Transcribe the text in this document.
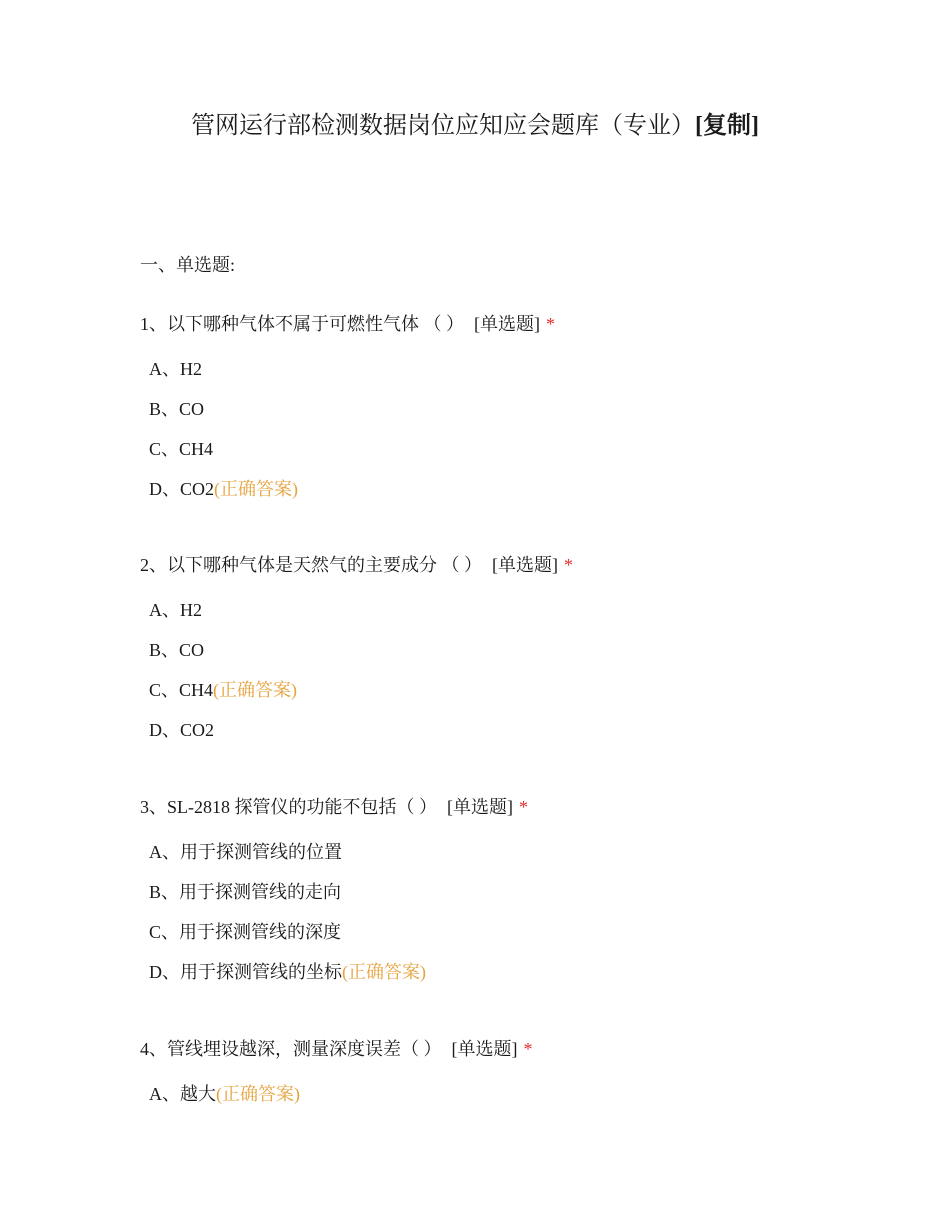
管网运行部检测数据岗位应知应会题库（专业）[复制]
一、单选题:
1、以下哪种气体不属于可燃性气体 （ ） [单选题] *
A、H2
B、CO
C、CH4
D、CO2(正确答案)
2、以下哪种气体是天然气的主要成分 （ ） [单选题] *
A、H2
B、CO
C、CH4(正确答案)
D、CO2
3、SL-2818 探管仪的功能不包括（ ） [单选题] *
A、用于探测管线的位置
B、用于探测管线的走向
C、用于探测管线的深度
D、用于探测管线的坐标(正确答案)
4、管线埋设越深，测量深度误差（ ） [单选题] *
A、越大(正确答案)
